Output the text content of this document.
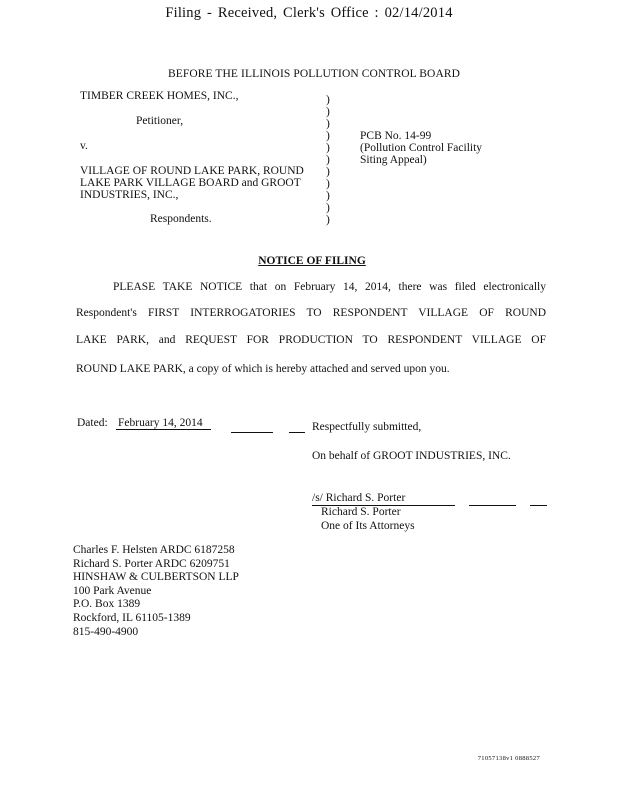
Filing - Received, Clerk's Office : 02/14/2014
BEFORE THE ILLINOIS POLLUTION CONTROL BOARD
TIMBER CREEK HOMES, INC.,
Petitioner,
v.
VILLAGE OF ROUND LAKE PARK, ROUND
LAKE PARK VILLAGE BOARD and GROOT
INDUSTRIES, INC.,
Respondents.
)
)
)
)
)
)
)
)
)
)
)
PCB No. 14-99
(Pollution Control Facility
Siting Appeal)
NOTICE OF FILING
PLEASE TAKE NOTICE that on February 14, 2014, there was filed electronically
Respondent's FIRST INTERROGATORIES TO RESPONDENT VILLAGE OF ROUND
LAKE PARK, and REQUEST FOR PRODUCTION TO RESPONDENT VILLAGE OF
ROUND LAKE PARK, a copy of which is hereby attached and served upon you.
Dated: February 14, 2014	Respectfully submitted,
On behalf of GROOT INDUSTRIES, INC.
/s/ Richard S. Porter
Richard S. Porter
One of Its Attorneys
Charles F. Helsten ARDC 6187258
Richard S. Porter ARDC 6209751
HINSHAW & CULBERTSON LLP
100 Park Avenue
P.O. Box 1389
Rockford, IL 61105-1389
815-490-4900
71057138v1 0888527
